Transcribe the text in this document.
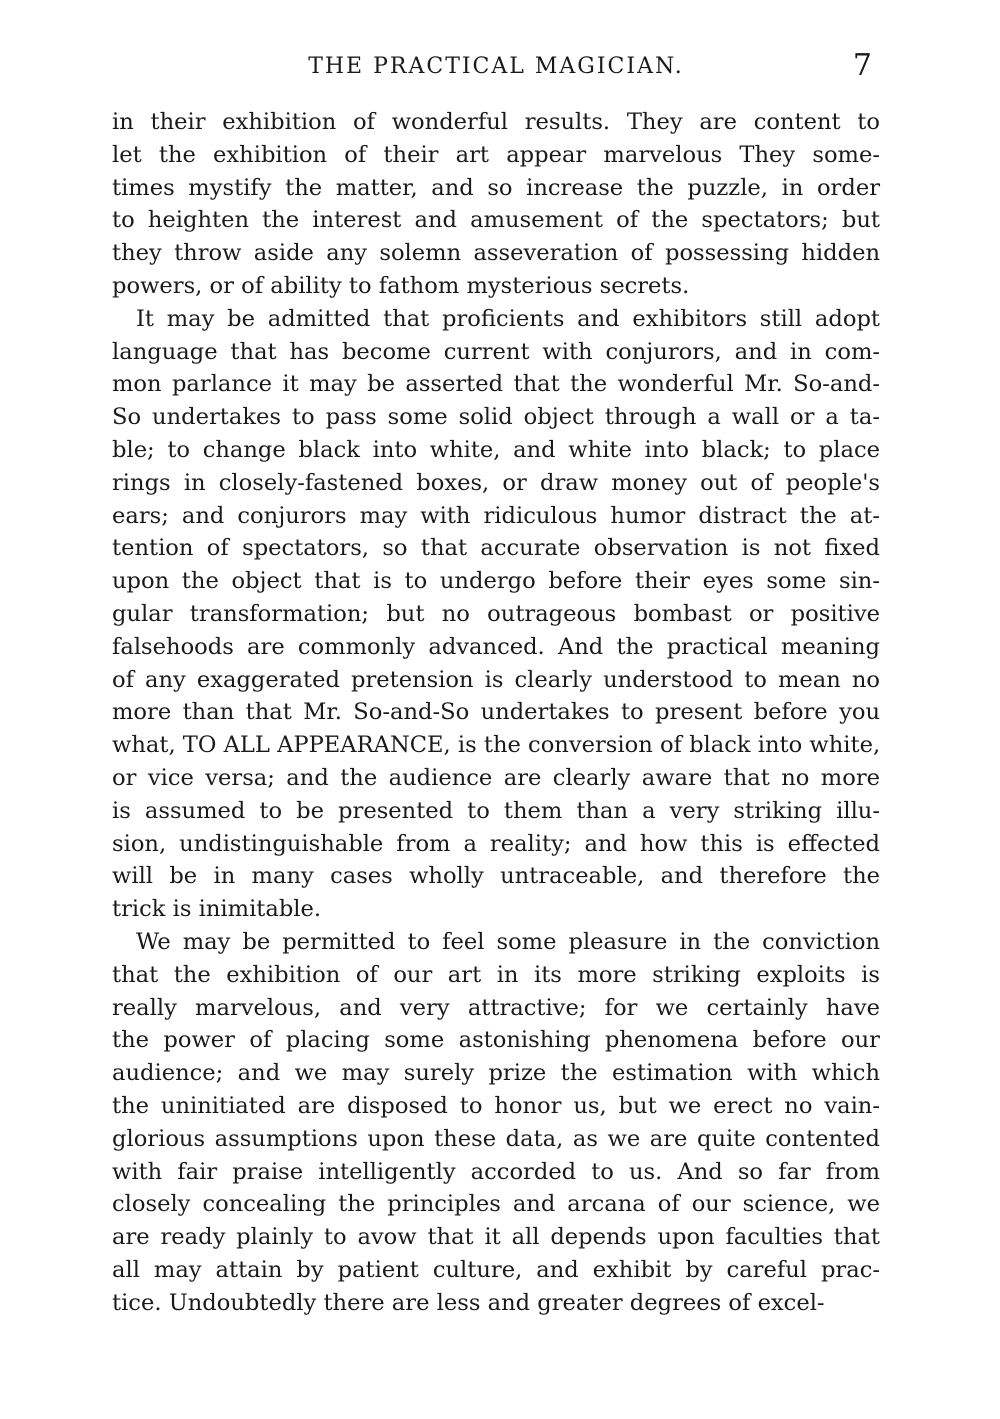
THE PRACTICAL MAGICIAN.	7
in their exhibition of wonderful results. They are content to
let the exhibition of their art appear marvelous They some-
times mystify the matter, and so increase the puzzle, in order
to heighten the interest and amusement of the spectators; but
they throw aside any solemn asseveration of possessing hidden
powers, or of ability to fathom mysterious secrets.
It may be admitted that proficients and exhibitors still adopt
language that has become current with conjurors, and in com-
mon parlance it may be asserted that the wonderful Mr. So-and-
So undertakes to pass some solid object through a wall or a ta-
ble; to change black into white, and white into black; to place
rings in closely-fastened boxes, or draw money out of people's
ears; and conjurors may with ridiculous humor distract the at-
tention of spectators, so that accurate observation is not fixed
upon the object that is to undergo before their eyes some sin-
gular transformation; but no outrageous bombast or positive
falsehoods are commonly advanced. And the practical meaning
of any exaggerated pretension is clearly understood to mean no
more than that Mr. So-and-So undertakes to present before you
what, TO ALL APPEARANCE, is the conversion of black into white,
or vice versa; and the audience are clearly aware that no more
is assumed to be presented to them than a very striking illu-
sion, undistinguishable from a reality; and how this is effected
will be in many cases wholly untraceable, and therefore the
trick is inimitable.
We may be permitted to feel some pleasure in the conviction
that the exhibition of our art in its more striking exploits is
really marvelous, and very attractive; for we certainly have
the power of placing some astonishing phenomena before our
audience; and we may surely prize the estimation with which
the uninitiated are disposed to honor us, but we erect no vain-
glorious assumptions upon these data, as we are quite contented
with fair praise intelligently accorded to us. And so far from
closely concealing the principles and arcana of our science, we
are ready plainly to avow that it all depends upon faculties that
all may attain by patient culture, and exhibit by careful prac-
tice. Undoubtedly there are less and greater degrees of excel-
